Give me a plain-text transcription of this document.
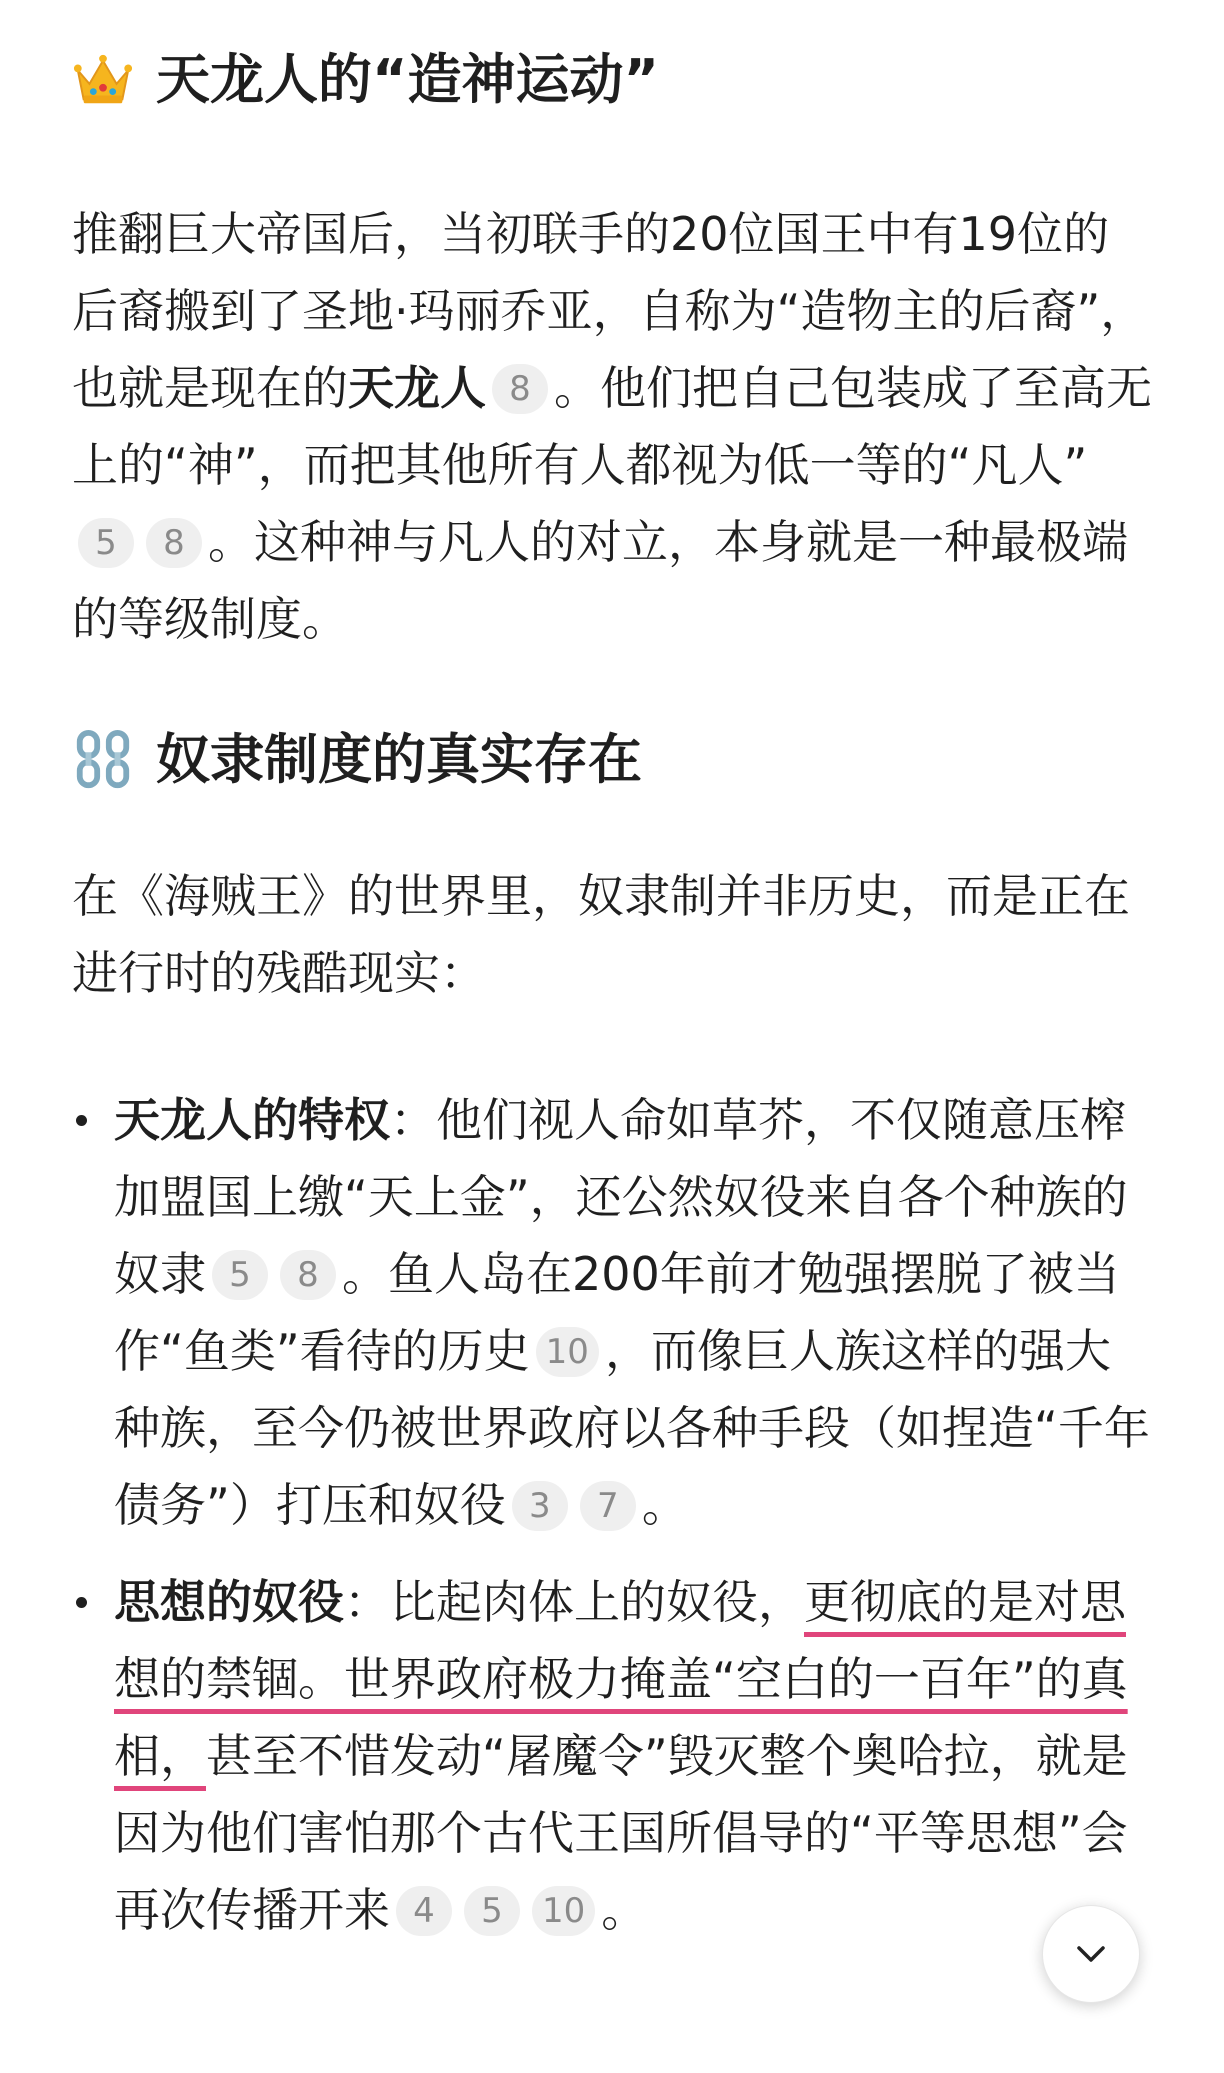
天龙人的“造神运动”

推翻巨大帝国后，当初联手的20位国王中有19位的后裔搬到了圣地·玛丽乔亚，自称为“造物主的后裔”，也就是现在的天龙人 8 。他们把自己包装成了至高无上的“神”，而把其他所有人都视为低一等的“凡人”5 8 。这种神与凡人的对立，本身就是一种最极端的等级制度。

奴隶制度的真实存在

在《海贼王》的世界里，奴隶制并非历史，而是正在进行时的残酷现实：

天龙人的特权：他们视人命如草芥，不仅随意压榨加盟国上缴“天上金”，还公然奴役来自各个种族的奴隶 5 8 。鱼人岛在200年前才勉强摆脱了被当作“鱼类”看待的历史 10 ，而像巨人族这样的强大种族，至今仍被世界政府以各种手段（如捏造“千年债务”）打压和奴役 3 7 。
思想的奴役：比起肉体上的奴役，更彻底的是对思想的禁锢。世界政府极力掩盖“空白的一百年”的真相，甚至不惜发动“屠魔令”毁灭整个奥哈拉，就是因为他们害怕那个古代王国所倡导的“平等思想”会再次传播开来 4 5 10 。
